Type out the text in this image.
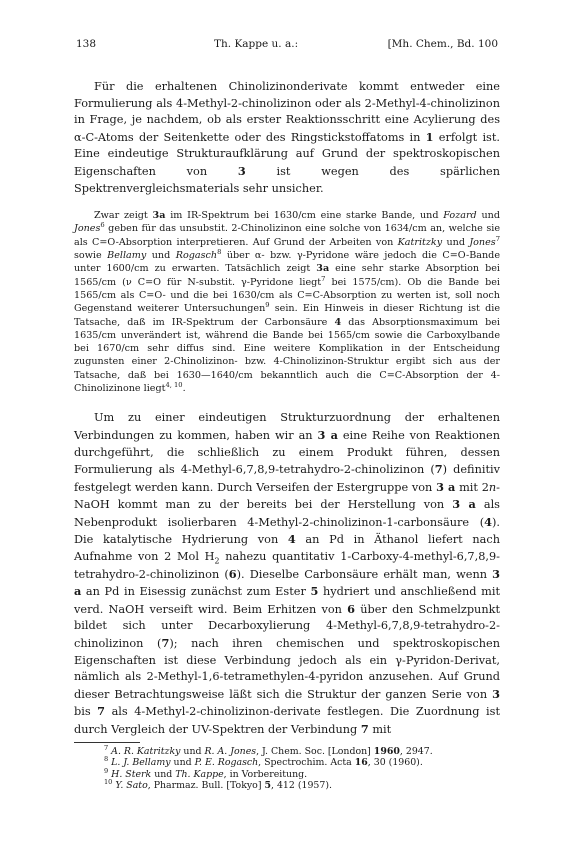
138	Th. Kappe u. a.:	[Mh. Chem., Bd. 100

Für die erhaltenen Chinolizinonderivate kommt entweder eine Formulierung als 4-Methyl-2-chinolizinon oder als 2-Methyl-4-chinolizinon in Frage, je nachdem, ob als erster Reaktionsschritt eine Acylierung des α-C-Atoms der Seitenkette oder des Ringstickstoffatoms in 1 erfolgt ist. Eine eindeutige Strukturaufklärung auf Grund der spektroskopischen Eigenschaften von 3 ist wegen des spärlichen Spektrenvergleichsmaterials sehr unsicher.

Zwar zeigt 3a im IR-Spektrum bei 1630/cm eine starke Bande, und Fozard und Jones$^6$ geben für das unsubstit. 2-Chinolizinon eine solche von 1634/cm an, welche sie als C=O-Absorption interpretieren. Auf Grund der Arbeiten von Katritzky und Jones$^7$ sowie Bellamy und Rogasch$^8$ über α- bzw. γ-Pyridone wäre jedoch die C=O-Bande unter 1600/cm zu erwarten. Tatsächlich zeigt 3a eine sehr starke Absorption bei 1565/cm (ν C=O für N-substit. γ-Pyridone liegt$^7$ bei 1575/cm). Ob die Bande bei 1565/cm als C=O- und die bei 1630/cm als C=C-Absorption zu werten ist, soll noch Gegenstand weiterer Untersuchungen$^9$ sein. Ein Hinweis in dieser Richtung ist die Tatsache, daß im IR-Spektrum der Carbonsäure 4 das Absorptionsmaximum bei 1635/cm unverändert ist, während die Bande bei 1565/cm sowie die Carboxylbande bei 1670/cm sehr diffus sind. Eine weitere Komplikation in der Entscheidung zugunsten einer 2-Chinolizinon- bzw. 4-Chinolizinon-Struktur ergibt sich aus der Tatsache, daß bei 1630—1640/cm bekanntlich auch die C=C-Absorption der 4-Chinolizinone liegt$^{4, 10}$.

Um zu einer eindeutigen Strukturzuordnung der erhaltenen Verbindungen zu kommen, haben wir an 3 a eine Reihe von Reaktionen durchgeführt, die schließlich zu einem Produkt führen, dessen Formulierung als 4-Methyl-6,7,8,9-tetrahydro-2-chinolizinon (7) definitiv festgelegt werden kann. Durch Verseifen der Estergruppe von 3 a mit 2n-NaOH kommt man zu der bereits bei der Herstellung von 3 a als Nebenprodukt isolierbaren 4-Methyl-2-chinolizinon-1-carbonsäure (4). Die katalytische Hydrierung von 4 an Pd in Äthanol liefert nach Aufnahme von 2 Mol $H_2$ nahezu quantitativ 1-Carboxy-4-methyl-6,7,8,9-tetrahydro-2-chinolizinon (6). Dieselbe Carbonsäure erhält man, wenn 3 a an Pd in Eisessig zunächst zum Ester 5 hydriert und anschließend mit verd. NaOH verseift wird. Beim Erhitzen von 6 über den Schmelzpunkt bildet sich unter Decarboxylierung 4-Methyl-6,7,8,9-tetrahydro-2-chinolizinon (7); nach ihren chemischen und spektroskopischen Eigenschaften ist diese Verbindung jedoch als ein γ-Pyridon-Derivat, nämlich als 2-Methyl-1,6-tetramethylen-4-pyridon anzusehen. Auf Grund dieser Betrachtungsweise läßt sich die Struktur der ganzen Serie von 3 bis 7 als 4-Methyl-2-chinolizinon-derivate festlegen. Die Zuordnung ist durch Vergleich der UV-Spektren der Verbindung 7 mit

$^7$ A. R. Katritzky und R. A. Jones, J. Chem. Soc. [London] 1960, 2947.
$^8$ L. J. Bellamy und P. E. Rogasch, Spectrochim. Acta 16, 30 (1960).
$^9$ H. Sterk und Th. Kappe, in Vorbereitung.
$^{10}$ Y. Sato, Pharmaz. Bull. [Tokyo] 5, 412 (1957).
